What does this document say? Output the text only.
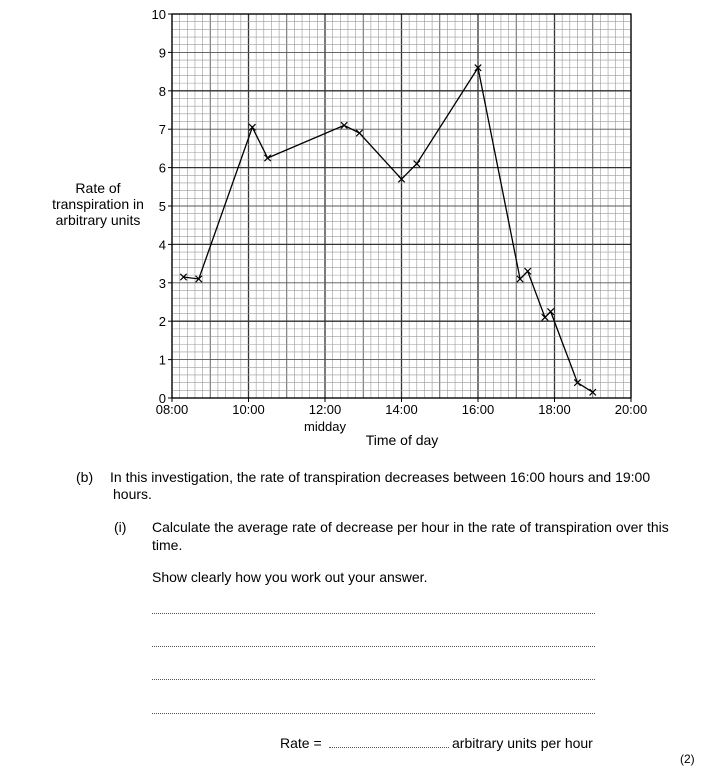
0
1
2
3
4
5
6
7
8
9
10
08:00	10:00	12:00	14:00	16:00	18:00	20:00
midday
Time of day
Rate of
transpiration in
arbitrary units
(b) In this investigation, the rate of transpiration decreases between 16:00 hours and 19:00
hours.
(i) Calculate the average rate of decrease per hour in the rate of transpiration over this
time.
Show clearly how you work out your answer.
Rate =	arbitrary units per hour
(2)
